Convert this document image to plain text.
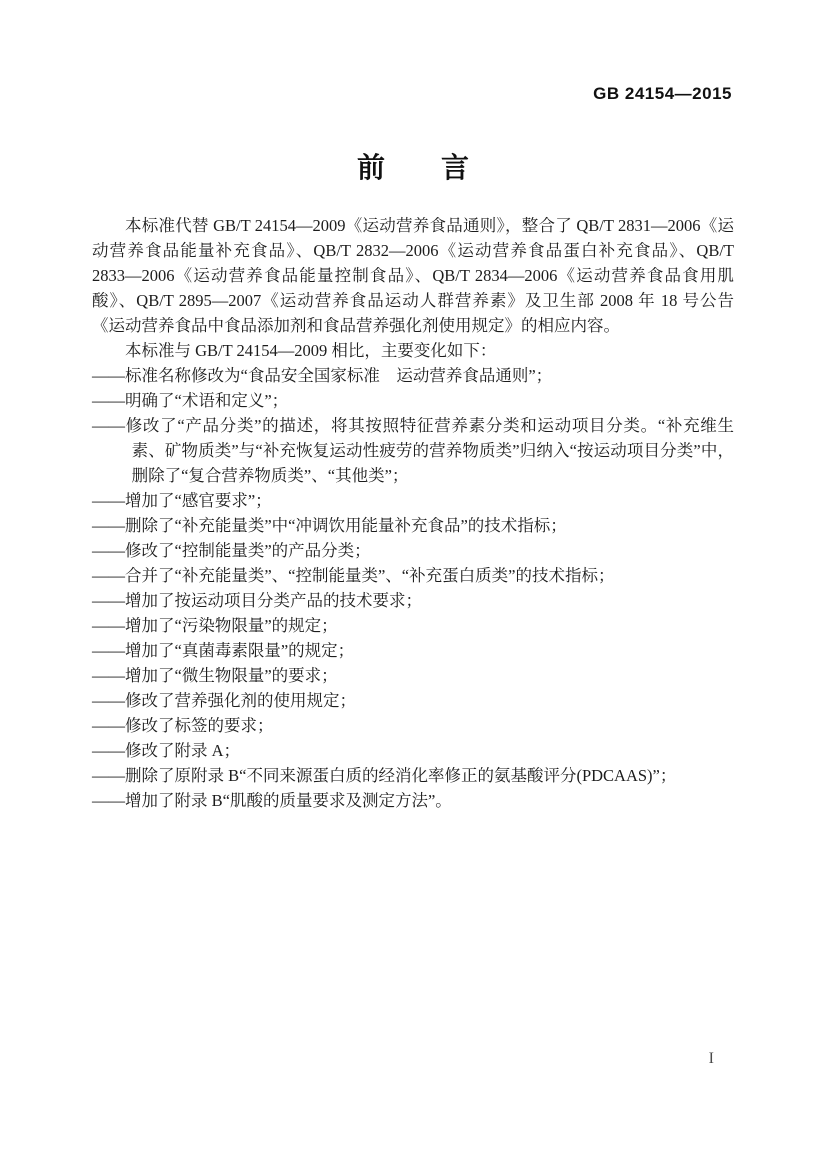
GB 24154—2015
前　　言

本标准代替 GB/T 24154—2009《运动营养食品通则》，整合了 QB/T 2831—2006《运动营养食品能量补充食品》、QB/T 2832—2006《运动营养食品蛋白补充食品》、QB/T 2833—2006《运动营养食品能量控制食品》、QB/T 2834—2006《运动营养食品食用肌酸》、QB/T 2895—2007《运动营养食品运动人群营养素》及卫生部 2008 年 18 号公告《运动营养食品中食品添加剂和食品营养强化剂使用规定》的相应内容。

本标准与 GB/T 24154—2009 相比，主要变化如下：

——标准名称修改为“食品安全国家标准　运动营养食品通则”；
——明确了“术语和定义”；
——修改了“产品分类”的描述，将其按照特征营养素分类和运动项目分类。“补充维生素、矿物质类”与“补充恢复运动性疲劳的营养物质类”归纳入“按运动项目分类”中，删除了“复合营养物质类”、“其他类”；
——增加了“感官要求”；
——删除了“补充能量类”中“冲调饮用能量补充食品”的技术指标；
——修改了“控制能量类”的产品分类；
——合并了“补充能量类”、“控制能量类”、“补充蛋白质类”的技术指标；
——增加了按运动项目分类产品的技术要求；
——增加了“污染物限量”的规定；
——增加了“真菌毒素限量”的规定；
——增加了“微生物限量”的要求；
——修改了营养强化剂的使用规定；
——修改了标签的要求；
——修改了附录 A；
——删除了原附录 B“不同来源蛋白质的经消化率修正的氨基酸评分(PDCAAS)”；
——增加了附录 B“肌酸的质量要求及测定方法”。
I
